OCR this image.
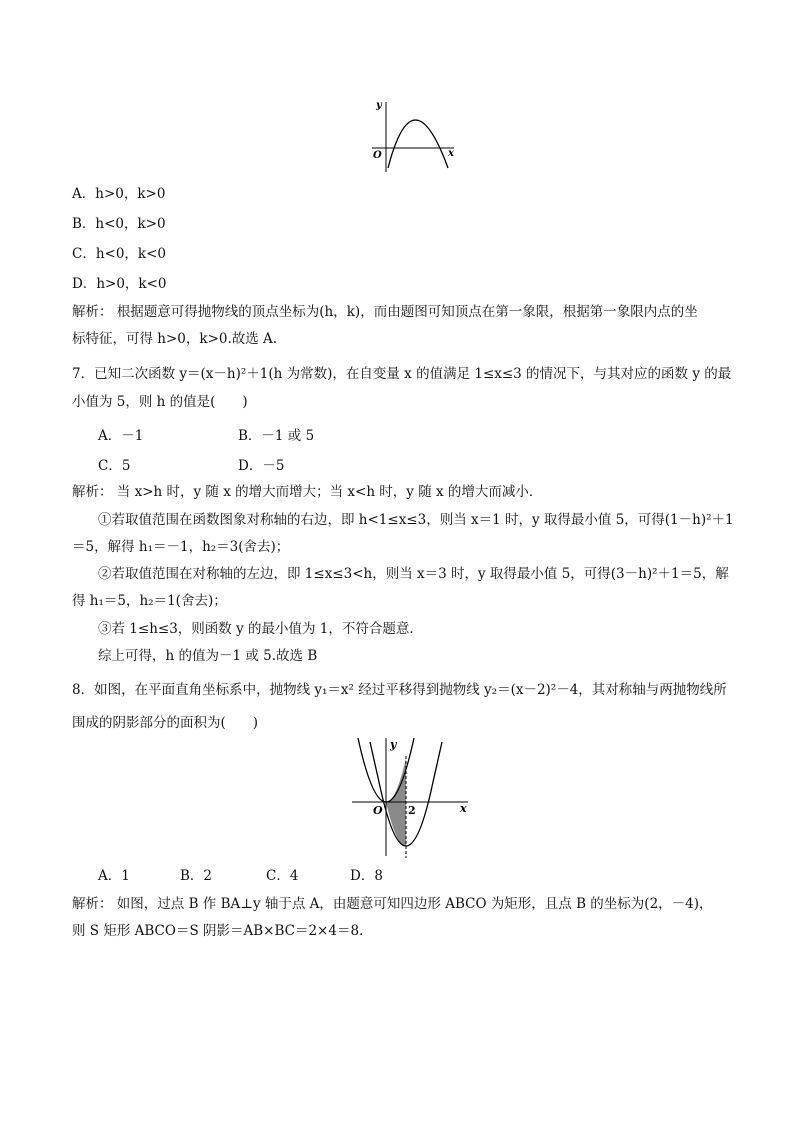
y
O	x
A．h>0，k>0
B．h<0，k>0
C．h<0，k<0
D．h>0，k<0
解析： 根据题意可得抛物线的顶点坐标为(h，k)，而由题图可知顶点在第一象限，根据第一象限内点的坐
标特征，可得 h>0，k>0.故选 A.
7．已知二次函数 y＝(x－h)²＋1(h 为常数)，在自变量 x 的值满足 1≤x≤3 的情况下，与其对应的函数 y 的最
小值为 5，则 h 的值是(　　)
A．－1	B．－1 或 5
C．5	D．－5
解析： 当 x>h 时，y 随 x 的增大而增大；当 x<h 时，y 随 x 的增大而减小．
①若取值范围在函数图象对称轴的右边，即 h<1≤x≤3，则当 x＝1 时，y 取得最小值 5，可得(1－h)²＋1
＝5，解得 h₁＝－1，h₂＝3(舍去)；
②若取值范围在对称轴的左边，即 1≤x≤3<h，则当 x＝3 时，y 取得最小值 5，可得(3－h)²＋1＝5，解
得 h₁＝5，h₂＝1(舍去)；
③若 1≤h≤3，则函数 y 的最小值为 1，不符合题意．
综上可得，h 的值为－1 或 5.故选 B
8．如图，在平面直角坐标系中，抛物线 y₁＝x² 经过平移得到抛物线 y₂＝(x－2)²－4，其对称轴与两抛物线所
围成的阴影部分的面积为(　　)
y
O 2	x
A．1	B．2	C．4	D．8
解析： 如图，过点 B 作 BA⊥y 轴于点 A，由题意可知四边形 ABCO 为矩形，且点 B 的坐标为(2，－4)，
则 S 矩形 ABCO＝S 阴影＝AB×BC＝2×4＝8.
